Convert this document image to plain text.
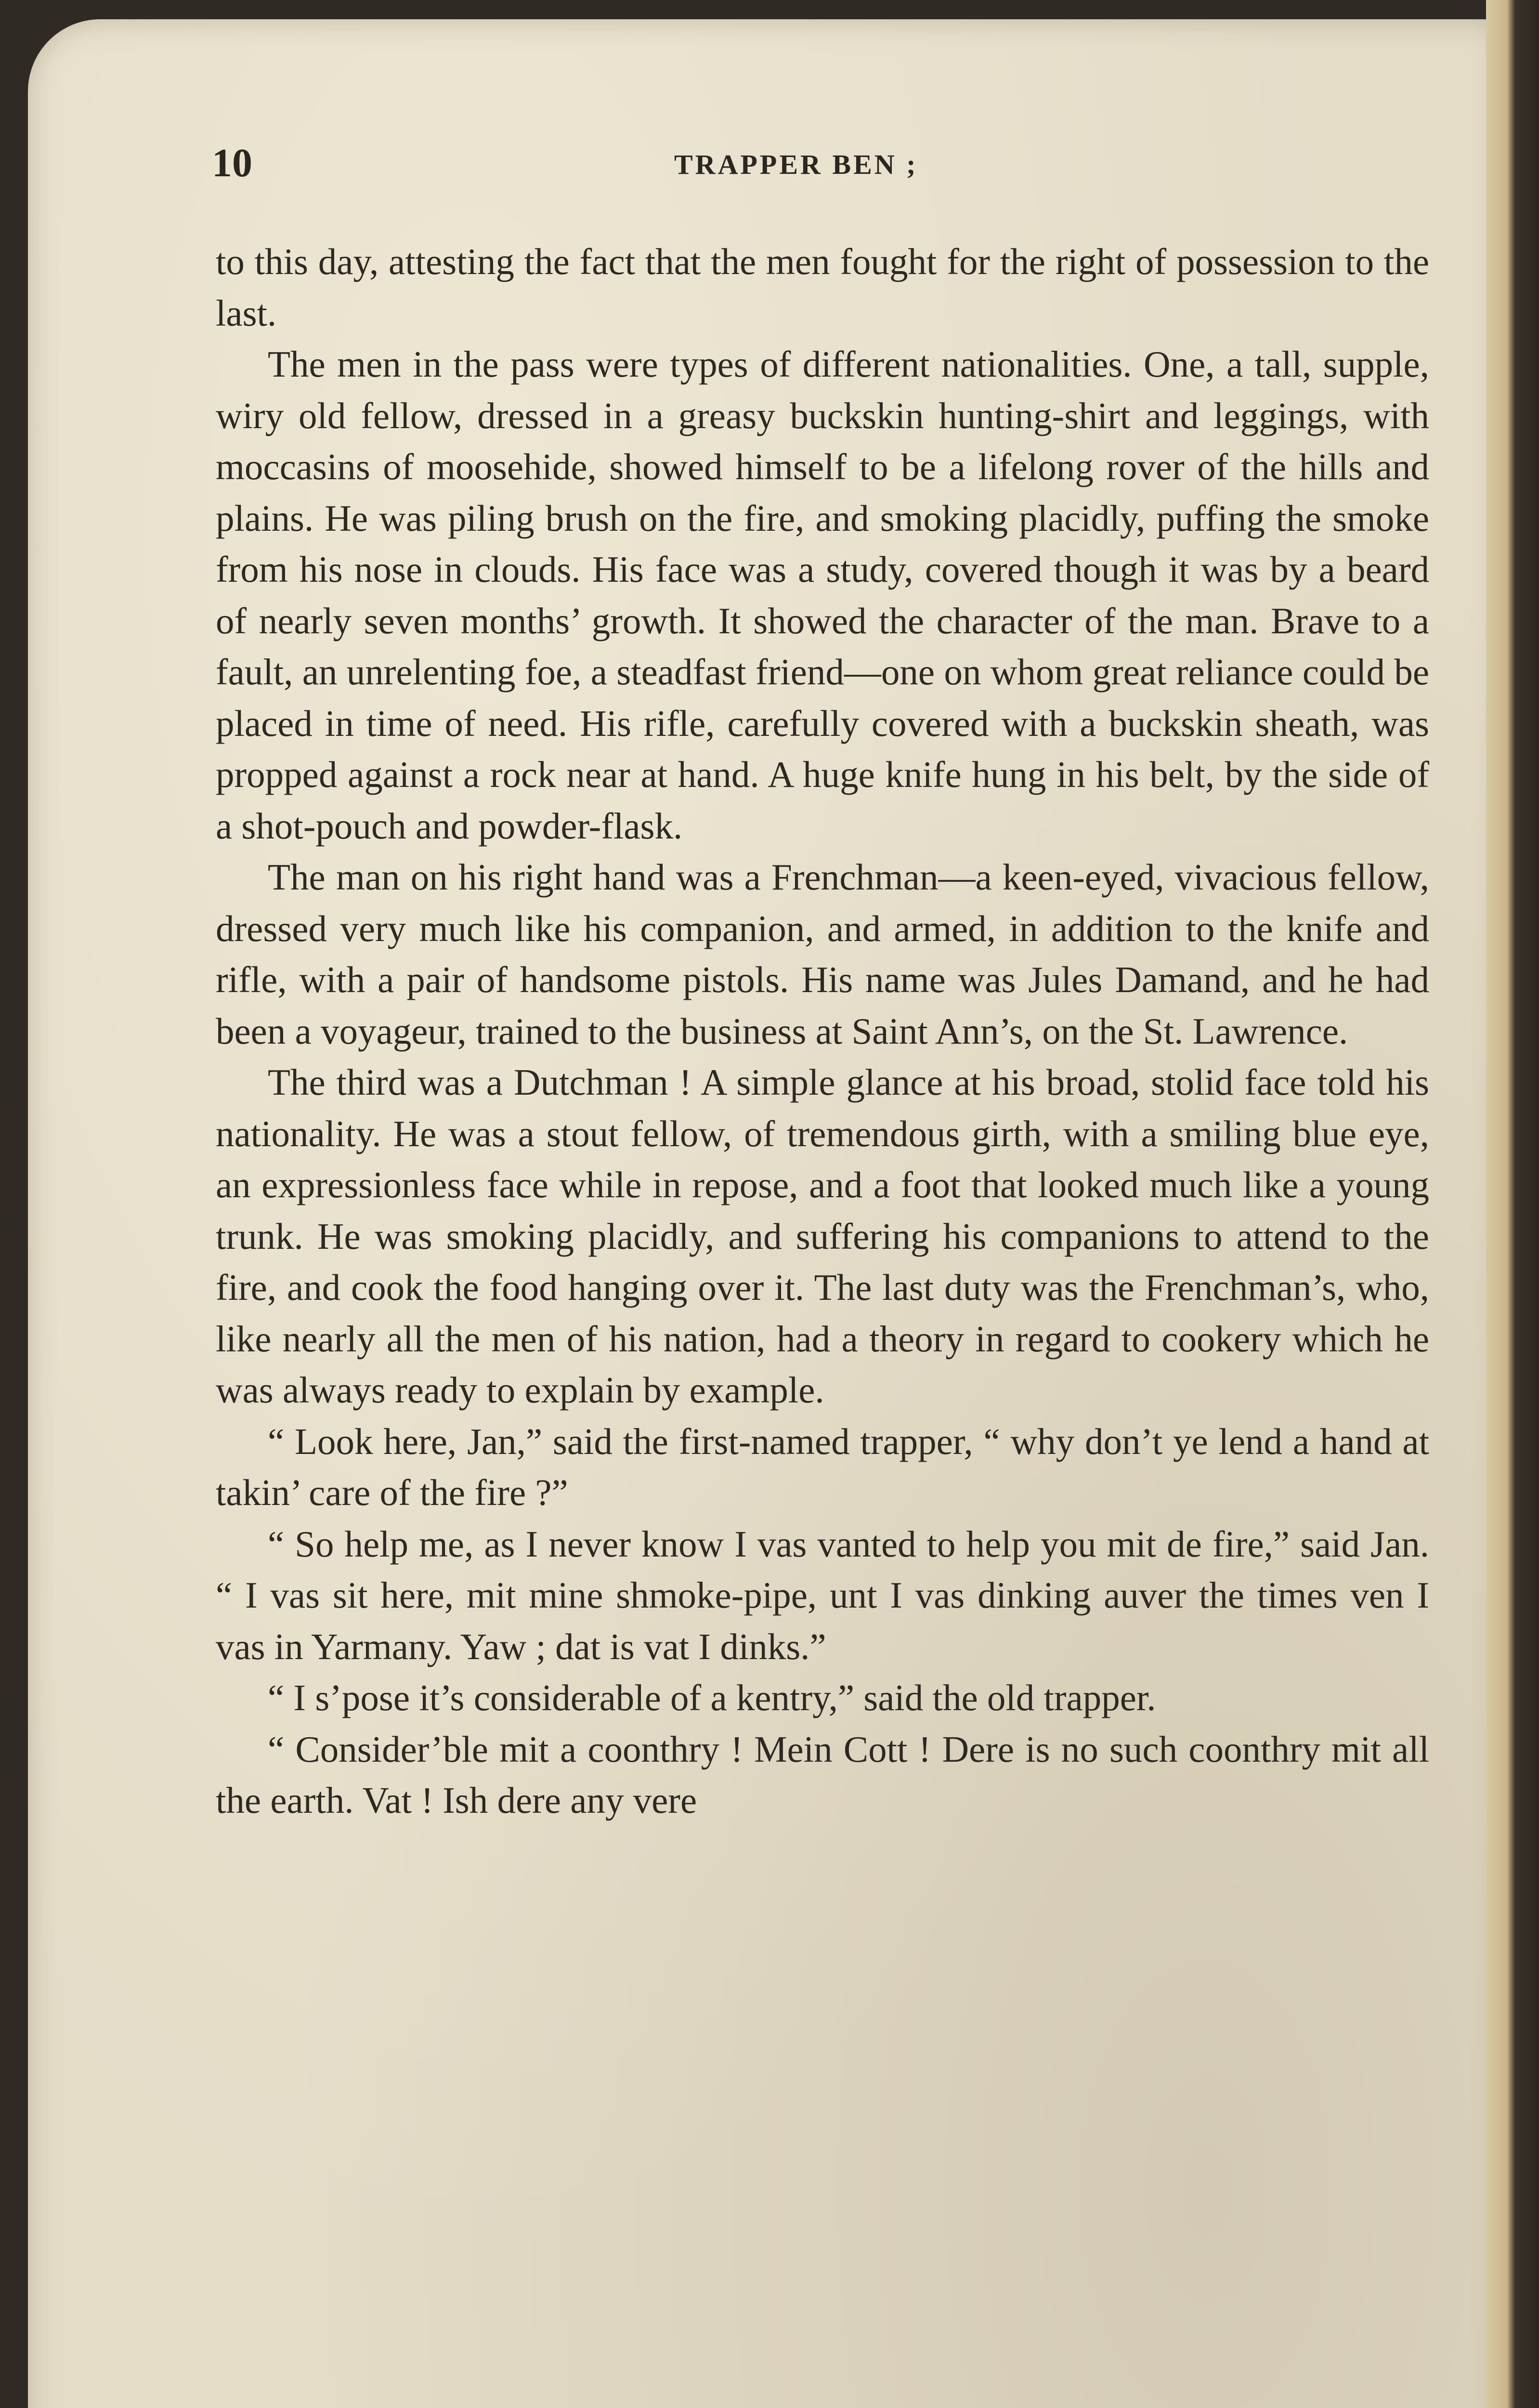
10	TRAPPER BEN ;

to this day, attesting the fact that the men fought for the right of possession to the last.

The men in the pass were types of different nationalities. One, a tall, supple, wiry old fellow, dressed in a greasy buckskin hunting-shirt and leggings, with moccasins of moosehide, showed himself to be a lifelong rover of the hills and plains. He was piling brush on the fire, and smoking placidly, puffing the smoke from his nose in clouds. His face was a study, covered though it was by a beard of nearly seven months’ growth. It showed the character of the man. Brave to a fault, an unrelenting foe, a steadfast friend—one on whom great reliance could be placed in time of need. His rifle, carefully covered with a buckskin sheath, was propped against a rock near at hand. A huge knife hung in his belt, by the side of a shot-pouch and powder-flask.

The man on his right hand was a Frenchman—a keen-eyed, vivacious fellow, dressed very much like his companion, and armed, in addition to the knife and rifle, with a pair of handsome pistols. His name was Jules Damand, and he had been a voyageur, trained to the business at Saint Ann’s, on the St. Lawrence.

The third was a Dutchman ! A simple glance at his broad, stolid face told his nationality. He was a stout fellow, of tremendous girth, with a smiling blue eye, an expressionless face while in repose, and a foot that looked much like a young trunk. He was smoking placidly, and suffering his companions to attend to the fire, and cook the food hanging over it. The last duty was the Frenchman’s, who, like nearly all the men of his nation, had a theory in regard to cookery which he was always ready to explain by example.

“ Look here, Jan,” said the first-named trapper, “ why don’t ye lend a hand at takin’ care of the fire ?”

“ So help me, as I never know I vas vanted to help you mit de fire,” said Jan. “ I vas sit here, mit mine shmoke-pipe, unt I vas dinking auver the times ven I vas in Yarmany. Yaw ; dat is vat I dinks.”

“ I s’pose it’s considerable of a kentry,” said the old trapper.

“ Consider’ble mit a coonthry ! Mein Cott ! Dere is no such coonthry mit all the earth. Vat ! Ish dere any vere
